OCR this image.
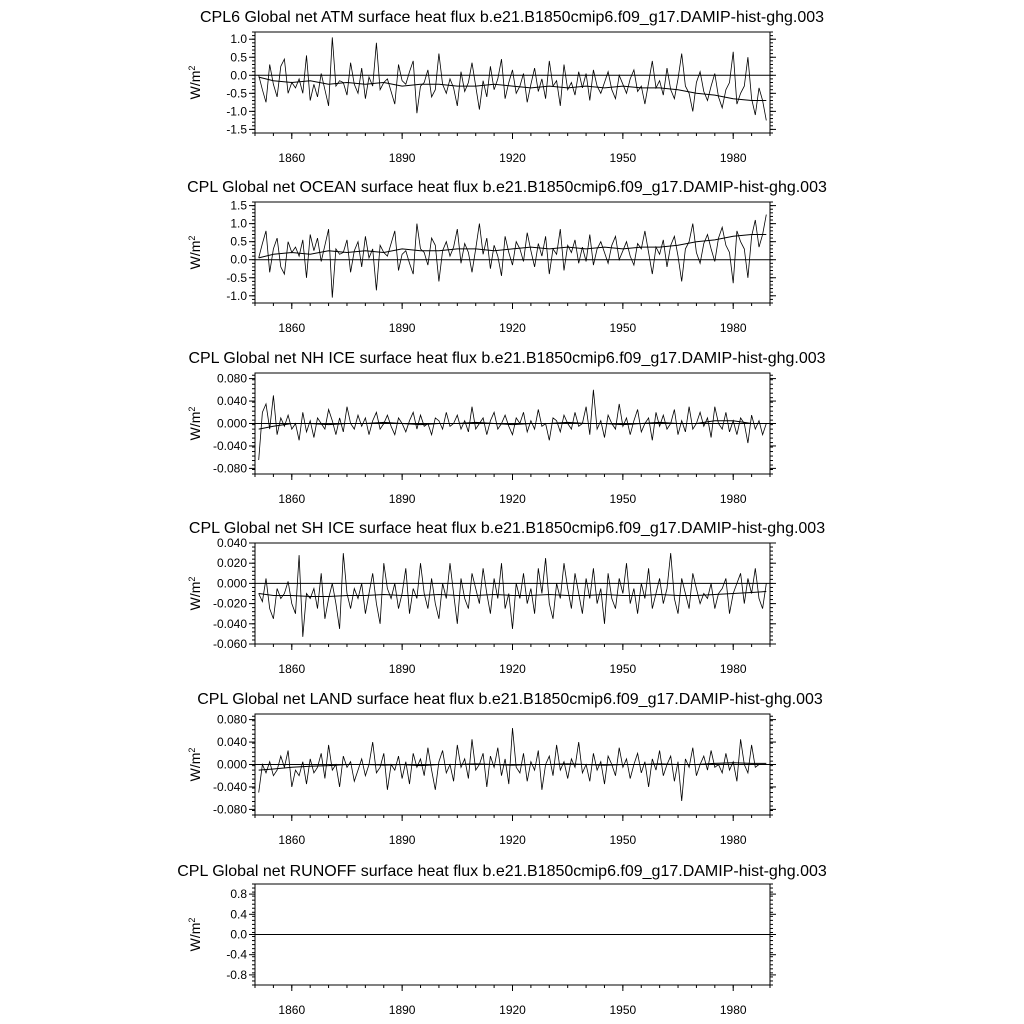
CPL6 Global net ATM surface heat flux b.e21.B1850cmip6.f09_g17.DAMIP-hist-ghg.003
-1.5
-1.0
-0.5
0.0
0.5
1.0
1860	1890	1920	1950	1980
$W/m^2$
CPL Global net OCEAN surface heat flux b.e21.B1850cmip6.f09_g17.DAMIP-hist-ghg.003
-1.0
-0.5
0.0
0.5
1.0
1.5
1860	1890	1920	1950	1980
$W/m^2$
CPL Global net NH ICE surface heat flux b.e21.B1850cmip6.f09_g17.DAMIP-hist-ghg.003
-0.080
-0.040
0.000
0.040
0.080
1860	1890	1920	1950	1980
$W/m^2$
CPL Global net SH ICE surface heat flux b.e21.B1850cmip6.f09_g17.DAMIP-hist-ghg.003
-0.060
-0.040
-0.020
0.000
0.020
0.040
1860	1890	1920	1950	1980
$W/m^2$
CPL Global net LAND surface heat flux b.e21.B1850cmip6.f09_g17.DAMIP-hist-ghg.003
-0.080
-0.040
0.000
0.040
0.080
1860	1890	1920	1950	1980
$W/m^2$
CPL Global net RUNOFF surface heat flux b.e21.B1850cmip6.f09_g17.DAMIP-hist-ghg.003
-0.8
-0.4
0.0
0.4
0.8
1860	1890	1920	1950	1980
$W/m^2$
